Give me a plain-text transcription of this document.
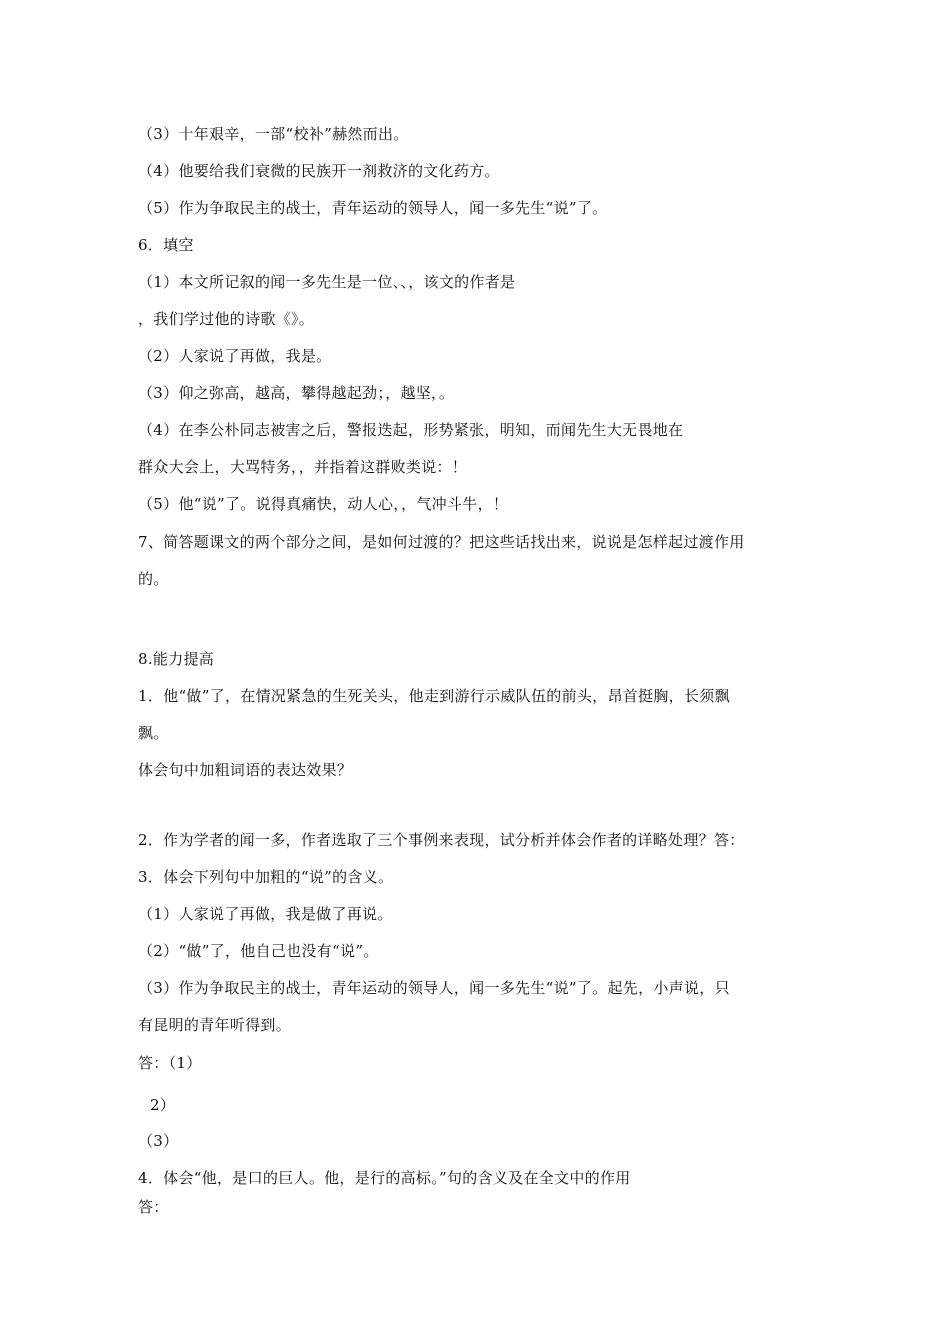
（3）十年艰辛，一部“校补”赫然而出。
（4）他要给我们衰微的民族开一剂救济的文化药方。
（5）作为争取民主的战士，青年运动的领导人，闻一多先生“说”了。
6．填空
（1）本文所记叙的闻一多先生是一位、、，该文的作者是
，我们学过他的诗歌《》。
（2）人家说了再做，我是。
（3）仰之弥高，越高，攀得越起劲；，越坚，。
（4）在李公朴同志被害之后，警报迭起，形势紧张，明知，而闻先生大无畏地在
群众大会上，大骂特务，，并指着这群败类说：！
（5）他“说”了。说得真痛快，动人心，，气冲斗牛，！
7、简答题课文的两个部分之间，是如何过渡的？把这些话找出来，说说是怎样起过渡作用
的。
8.能力提高
1．他“做”了，在情况紧急的生死关头，他走到游行示威队伍的前头，昂首挺胸，长须飘
飘。
体会句中加粗词语的表达效果？
2．作为学者的闻一多，作者选取了三个事例来表现，试分析并体会作者的详略处理？答：
3．体会下列句中加粗的“说”的含义。
（1）人家说了再做，我是做了再说。
（2）“做”了，他自己也没有“说”。
（3）作为争取民主的战士，青年运动的领导人，闻一多先生“说”了。起先，小声说，只
有昆明的青年听得到。
答：（1）
2）
（3）
4．体会“他，是口的巨人。他，是行的高标。”句的含义及在全文中的作用
答：
